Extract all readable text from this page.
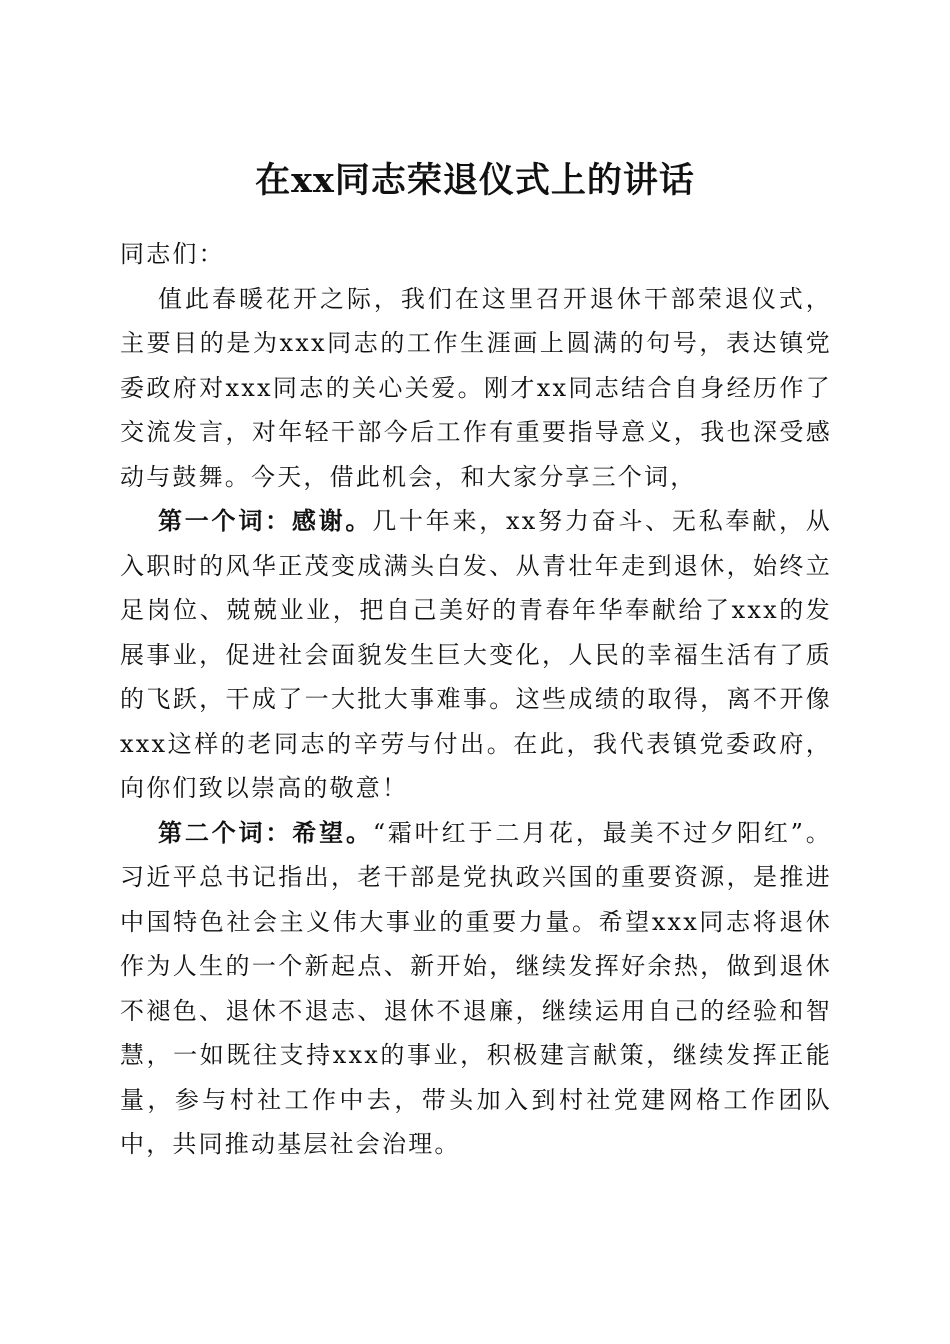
在xx同志荣退仪式上的讲话

同志们：

值此春暖花开之际，我们在这里召开退休干部荣退仪式，主要目的是为xxx同志的工作生涯画上圆满的句号，表达镇党委政府对xxx同志的关心关爱。刚才xx同志结合自身经历作了交流发言，对年轻干部今后工作有重要指导意义，我也深受感动与鼓舞。今天，借此机会，和大家分享三个词，

第一个词：感谢。几十年来，xx努力奋斗、无私奉献，从入职时的风华正茂变成满头白发、从青壮年走到退休，始终立足岗位、兢兢业业，把自己美好的青春年华奉献给了xxx的发展事业，促进社会面貌发生巨大变化，人民的幸福生活有了质的飞跃，干成了一大批大事难事。这些成绩的取得，离不开像xxx这样的老同志的辛劳与付出。在此，我代表镇党委政府，向你们致以崇高的敬意！

第二个词：希望。“霜叶红于二月花，最美不过夕阳红”。习近平总书记指出，老干部是党执政兴国的重要资源，是推进中国特色社会主义伟大事业的重要力量。希望xxx同志将退休作为人生的一个新起点、新开始，继续发挥好余热，做到退休不褪色、退休不退志、退休不退廉，继续运用自己的经验和智慧，一如既往支持xxx的事业，积极建言献策，继续发挥正能量，参与村社工作中去，带头加入到村社党建网格工作团队中，共同推动基层社会治理。
